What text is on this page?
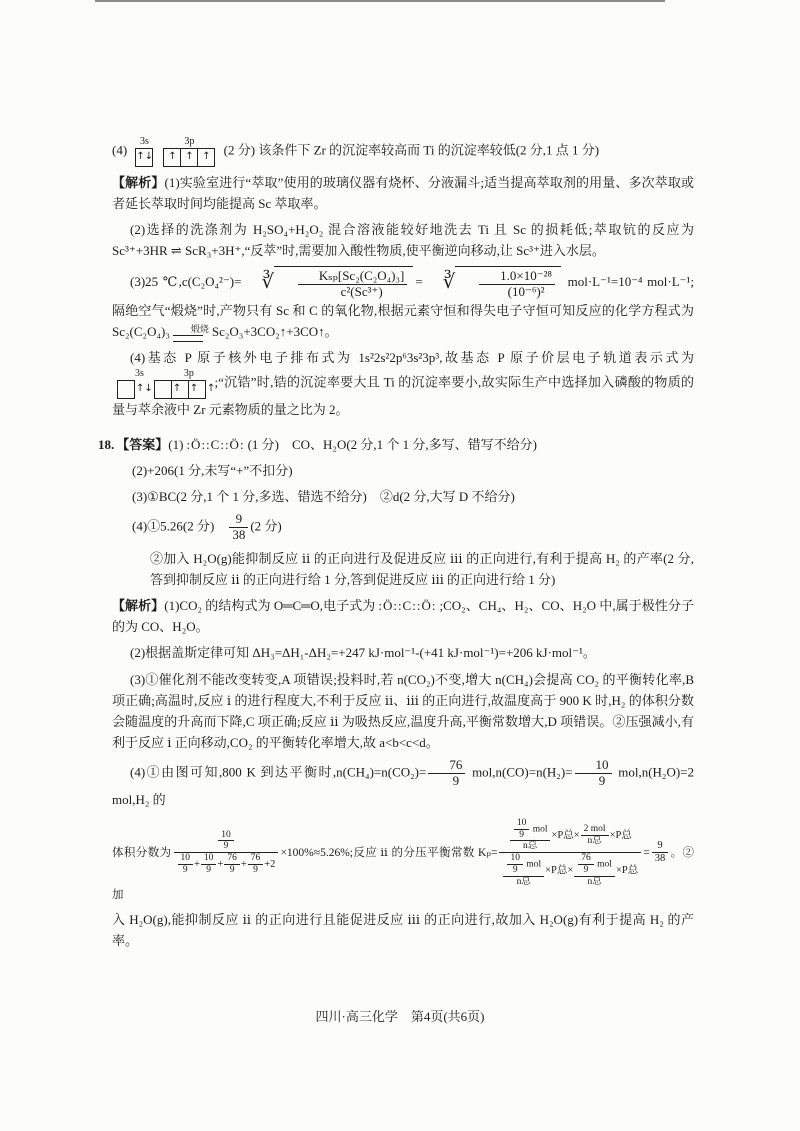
(4)
3s
↑↓
3p
↑ ↑ ↑	(2 分) 该条件下 Zr 的沉淀率较高而 Ti 的沉淀率较低(2 分,1 点 1 分)

【解析】(1)实验室进行“萃取”使用的玻璃仪器有烧杯、分液漏斗;适当提高萃取剂的用量、多次萃取或者延长萃取时间均能提高 Sc 萃取率。

(2)选择的洗涤剂为 H₂SO₄+H₂O₂ 混合溶液能较好地洗去 Ti 且 Sc 的损耗低;萃取钪的反应为 Sc³⁺+3HR ⇌ ScR₃+3H⁺,“反萃”时,需要加入酸性物质,使平衡逆向移动,让 Sc³⁺进入水层。

(3)25 ℃,c(C₂O₄²⁻)= ∛ $\frac{\text{Kₛₚ[Sc₂(C₂O₄)₃]}}{\text{c²(Sc³⁺)}}$ = ∛ $\frac{\text{1.0×10⁻²⁸}}{\text{(10⁻⁶)²}} mol\cdot L^{-1}=10^{-4}$ mol·L⁻¹;隔绝空气“煅烧”时,产物只有 Sc 和 C 的氧化物,根据元素守恒和得失电子守恒可知反应的化学方程式为 Sc₂(C₂O₄)₃	煅烧 Sc₂O₃+3CO₂↑+3CO↑。

(4)基态 P 原子核外电子排布式为 1s²2s²2p⁶3s²3p³,故基态 P 原子价层电子轨道表示式为
3s
↑↓
3p
↑ ↑ ↑ ;“沉锆”时,锆的沉淀率要大且 Ti 的沉淀率要小,故实际生产中选择加入磷酸的物质的量与萃余液中 Zr 元素物质的量之比为 2。

18. 【答案】(1) :Ö::C::Ö: (1 分)　CO、H₂O(2 分,1 个 1 分,多写、错写不给分)

(2)+206(1 分,未写“+”不扣分)

(3)①BC(2 分,1 个 1 分,多选、错选不给分)　②d(2 分,大写 D 不给分)

(4)①5.26(2 分)　 $\frac{9}{38} (2$ 分)

②加入 H₂O(g)能抑制反应 ⅱ 的正向进行及促进反应 ⅲ 的正向进行,有利于提高 H₂ 的产率(2 分,答到抑制反应 ⅱ 的正向进行给 1 分,答到促进反应 ⅲ 的正向进行给 1 分)

【解析】(1)CO₂ 的结构式为 O═C═O,电子式为 :Ö::C::Ö: ;CO₂、CH₄、H₂、CO、H₂O 中,属于极性分子的为 CO、H₂O。

(2)根据盖斯定律可知 ΔH₃=ΔH₁-ΔH₂=+247 kJ·mol⁻¹-(+41 kJ·mol⁻¹)=+206 kJ·mol⁻¹。

(3)①催化剂不能改变转变,A 项错误;投料时,若 n(CO₂)不变,增大 n(CH₄)会提高 CO₂ 的平衡转化率,B 项正确;高温时,反应 ⅰ 的进行程度大,不利于反应 ⅱ、ⅲ 的正向进行,故温度高于 900 K 时,H₂ 的体积分数会随温度的升高而下降,C 项正确;反应 ⅱ 为吸热反应,温度升高,平衡常数增大,D 项错误。②压强减小,有利于反应 ⅰ 正向移动,CO₂ 的平衡转化率增大,故 a<b<c<d。

(4)①由图可知,800 K 到达平衡时$,n(CH_4)=n(CO_2)= \frac{76}{9} mol,n(CO)=n(H_2)= \frac{10}{9} mol,n(H_2O)=2$ mol,H₂ 的

体积分数为 $\frac{\frac{10}{9}}{\frac{10}{9} + \frac{10}{9} + \frac{76}{9} + \frac{76}{9} +2} \times 100\%\approx 5.26\%$;反应 ⅱ 的分压平衡常数 $K_p= \frac{\frac{\frac{10}{9} mol}{\text{n总}} \times P总\times \frac{\text{2 mol}}{\text{n总}} \times P总}{\frac{\frac{10}{9} mol}{\text{n总}} \times P总\times \frac{\frac{76}{9} mol}{\text{n总}} \times P总} = \frac{9}{38}$ 。②加

入 H₂O(g),能抑制反应 ⅱ 的正向进行且能促进反应 ⅲ 的正向进行,故加入 H₂O(g)有利于提高 H₂ 的产率。

四川·高三化学　第4页(共6页)
